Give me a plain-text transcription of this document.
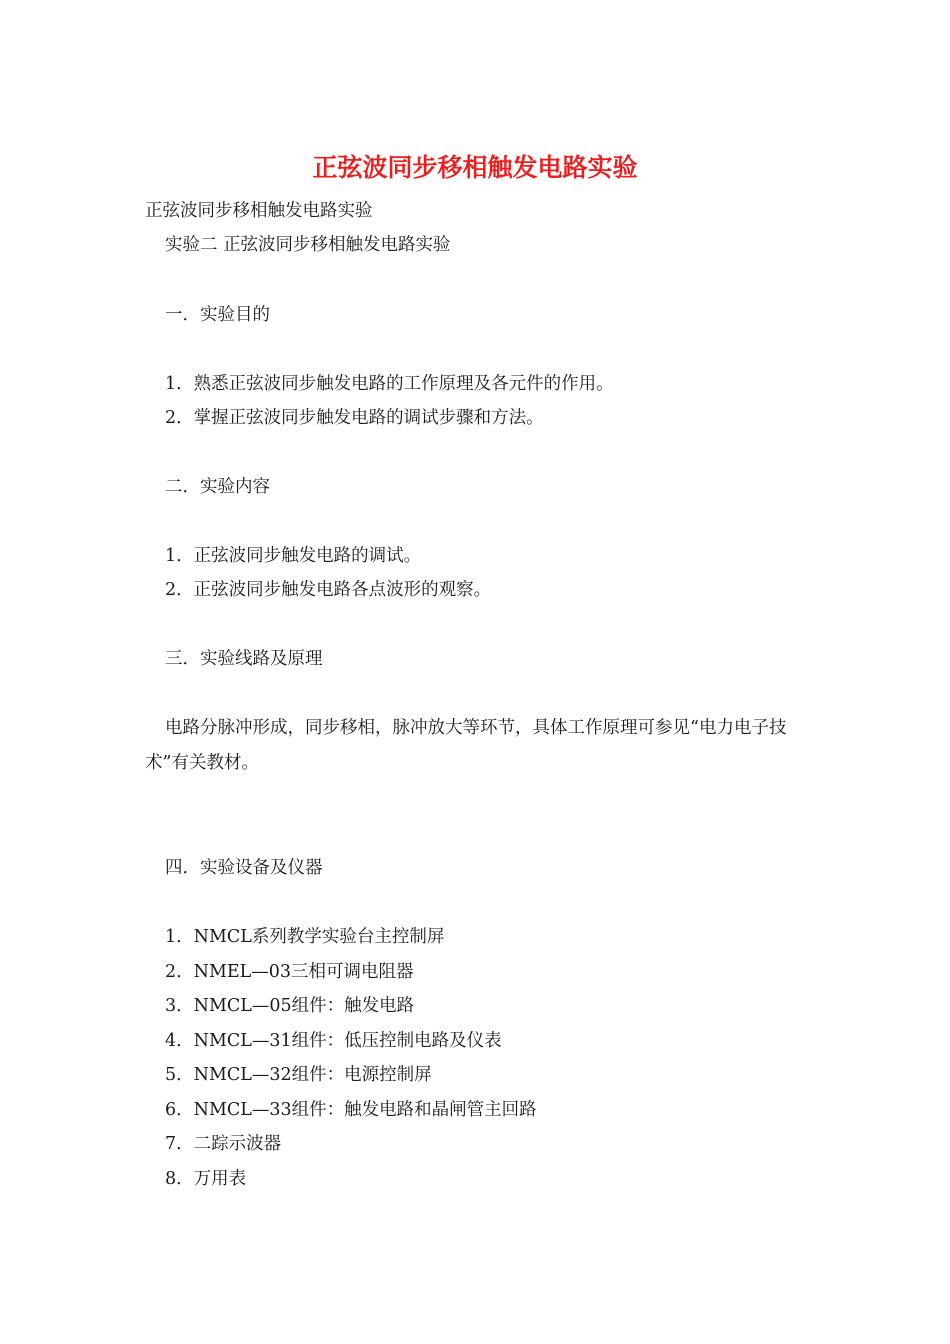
正弦波同步移相触发电路实验
正弦波同步移相触发电路实验
实验二 正弦波同步移相触发电路实验
一．实验目的
1．熟悉正弦波同步触发电路的工作原理及各元件的作用。
2．掌握正弦波同步触发电路的调试步骤和方法。
二．实验内容
1．正弦波同步触发电路的调试。
2．正弦波同步触发电路各点波形的观察。
三．实验线路及原理
电路分脉冲形成，同步移相，脉冲放大等环节，具体工作原理可参见“电力电子技术”有关教材。
四．实验设备及仪器
1．NMCL系列教学实验台主控制屏
2．NMEL—03三相可调电阻器
3．NMCL—05组件：触发电路
4．NMCL—31组件：低压控制电路及仪表
5．NMCL—32组件：电源控制屏
6．NMCL—33组件：触发电路和晶闸管主回路
7．二踪示波器
8．万用表
